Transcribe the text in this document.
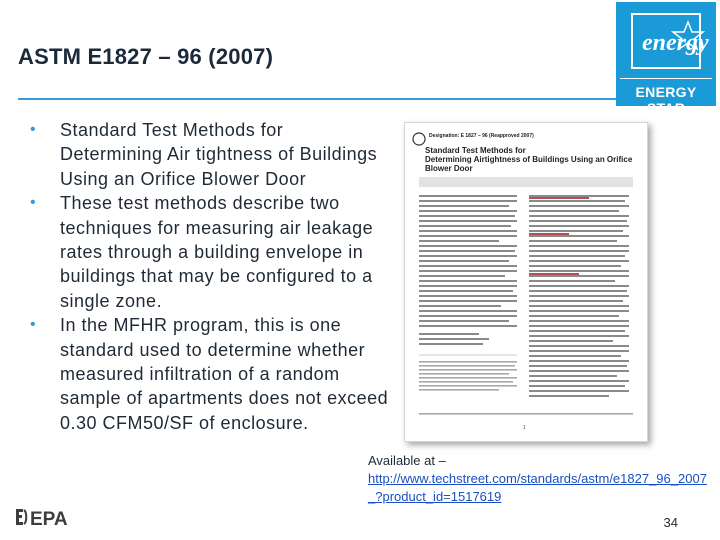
ASTM E1827 – 96 (2007)
energy
ENERGY STAR
• Standard Test Methods for Determining Air tightness of Buildings Using an Orifice Blower Door
• These test methods describe two techniques for measuring air leakage rates through a building envelope in buildings that may be configured to a single zone.
• In the MFHR program, this is one standard used to determine whether measured infiltration of a random sample of apartments does not exceed 0.30 CFM50/SF of enclosure.
Designation: E 1827 – 96 (Reapproved 2007)
Standard Test Methods for Determining Airtightness of Buildings Using an Orifice Blower Door
1
Available at –
http://www.techstreet.com/standards/astm/e1827_96_2007_?product_id=1517619
EPA	34
